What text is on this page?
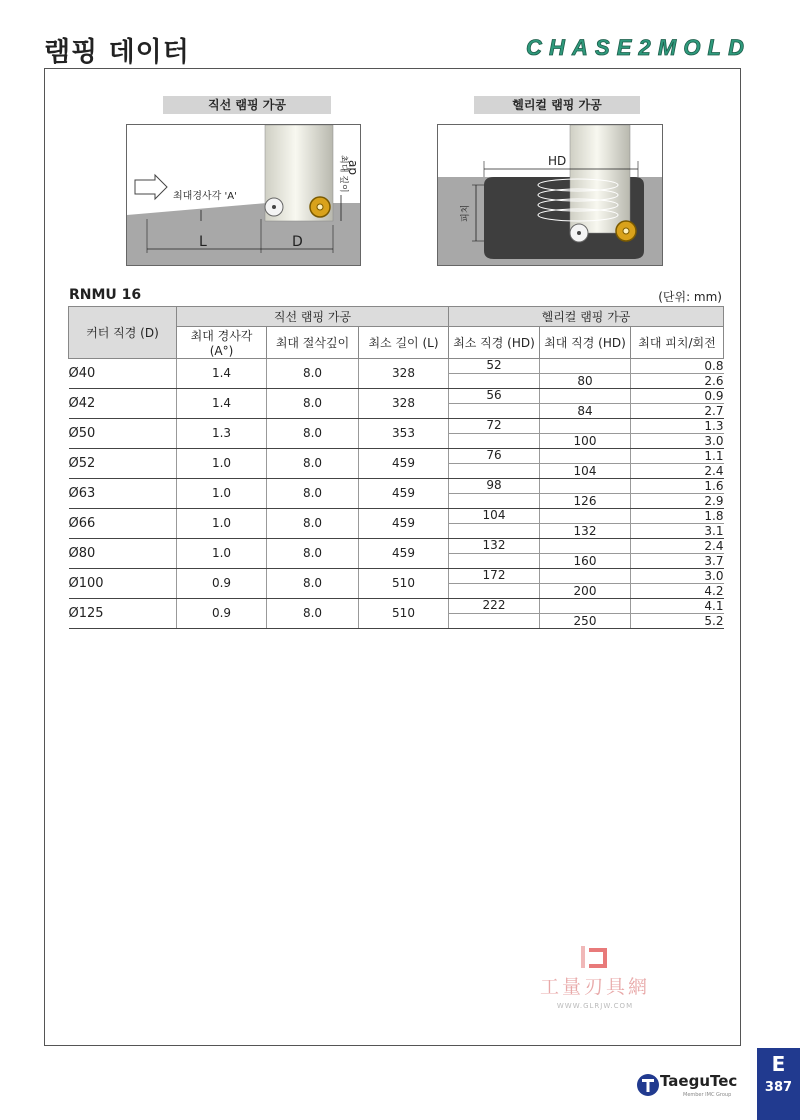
램핑 데이터	CHASE2MOLD
직선 램핑 가공
최대경사각 'A'
최대 깊이
ap
L	D
헬리컬 램핑 가공
HD
피치
RNMU 16	(단위: mm)
커터 직경 (D)	직선 램핑 가공			헬리컬 램핑 가공		
	최대 경사각 (A°)	최대 절삭깊이	최소 길이 (L)	최소 직경 (HD)	최대 직경 (HD)	최대 피치/회전
Ø40	1.4	8.0	328	52		0.8
					80	2.6
Ø42	1.4	8.0	328	56		0.9
					84	2.7
Ø50	1.3	8.0	353	72		1.3
					100	3.0
Ø52	1.0	8.0	459	76		1.1
					104	2.4
Ø63	1.0	8.0	459	98		1.6
					126	2.9
Ø66	1.0	8.0	459	104		1.8
					132	3.1
Ø80	1.0	8.0	459	132		2.4
					160	3.7
Ø100	0.9	8.0	510	172		3.0
					200	4.2
Ø125	0.9	8.0	510	222		4.1
					250	5.2
工量刃具網
WWW.GLRJW.COM
TaeguTec
Member IMC Group
E
387
